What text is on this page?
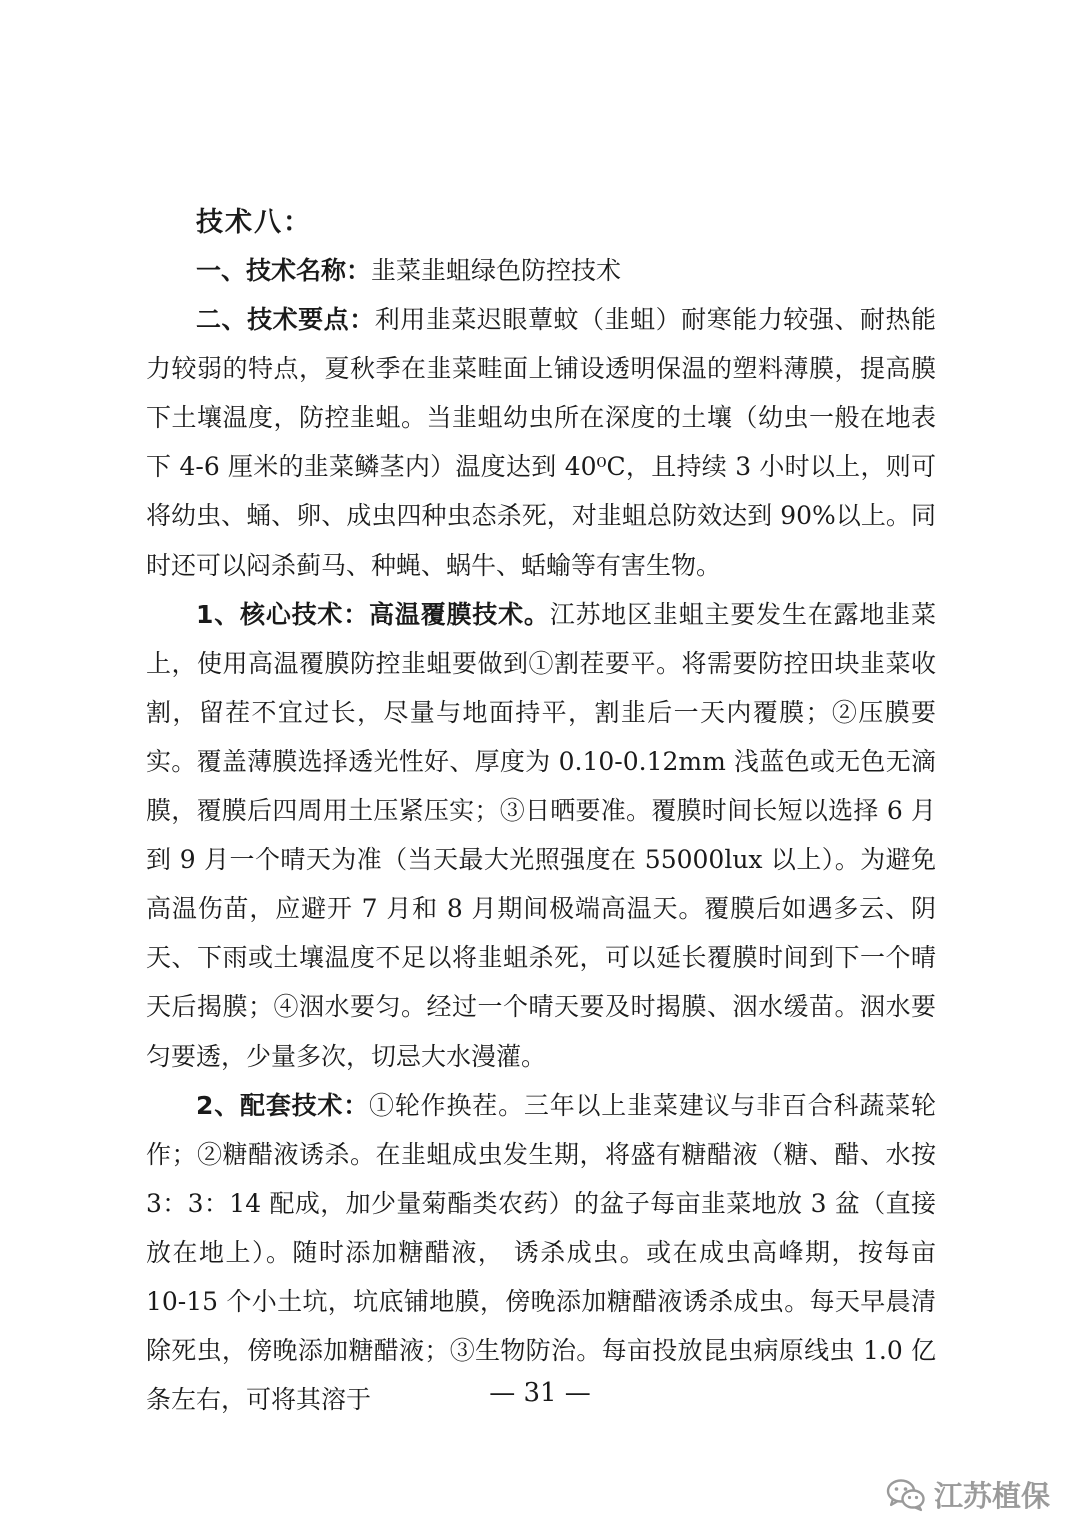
技术八：

一、技术名称：韭菜韭蛆绿色防控技术

二、技术要点：利用韭菜迟眼蕈蚊（韭蛆）耐寒能力较强、耐热能力较弱的特点，夏秋季在韭菜畦面上铺设透明保温的塑料薄膜，提高膜下土壤温度，防控韭蛆。当韭蛆幼虫所在深度的土壤（幼虫一般在地表下 4-6 厘米的韭菜鳞茎内）温度达到 40⁰C，且持续 3 小时以上，则可将幼虫、蛹、卵、成虫四种虫态杀死，对韭蛆总防效达到 90%以上。同时还可以闷杀蓟马、种蝇、蜗牛、蛞蝓等有害生物。

1、核心技术：高温覆膜技术。江苏地区韭蛆主要发生在露地韭菜上，使用高温覆膜防控韭蛆要做到①割茬要平。将需要防控田块韭菜收割，留茬不宜过长，尽量与地面持平，割韭后一天内覆膜；②压膜要实。覆盖薄膜选择透光性好、厚度为 0.10-0.12mm 浅蓝色或无色无滴膜，覆膜后四周用土压紧压实；③日晒要准。覆膜时间长短以选择 6 月到 9 月一个晴天为准（当天最大光照强度在 55000lux 以上）。为避免高温伤苗，应避开 7 月和 8 月期间极端高温天。覆膜后如遇多云、阴天、下雨或土壤温度不足以将韭蛆杀死，可以延长覆膜时间到下一个晴天后揭膜；④洇水要匀。经过一个晴天要及时揭膜、洇水缓苗。洇水要匀要透，少量多次，切忌大水漫灌。

2、配套技术：①轮作换茬。三年以上韭菜建议与非百合科蔬菜轮作；②糖醋液诱杀。在韭蛆成虫发生期，将盛有糖醋液（糖、醋、水按 3：3：14 配成，加少量菊酯类农药）的盆子每亩韭菜地放 3 盆（直接放在地上）。随时添加糖醋液， 诱杀成虫。或在成虫高峰期，按每亩 10-15 个小土坑，坑底铺地膜，傍晚添加糖醋液诱杀成虫。每天早晨清除死虫，傍晚添加糖醋液；③生物防治。每亩投放昆虫病原线虫 1.0 亿条左右，可将其溶于	— 31 —
江苏植保
